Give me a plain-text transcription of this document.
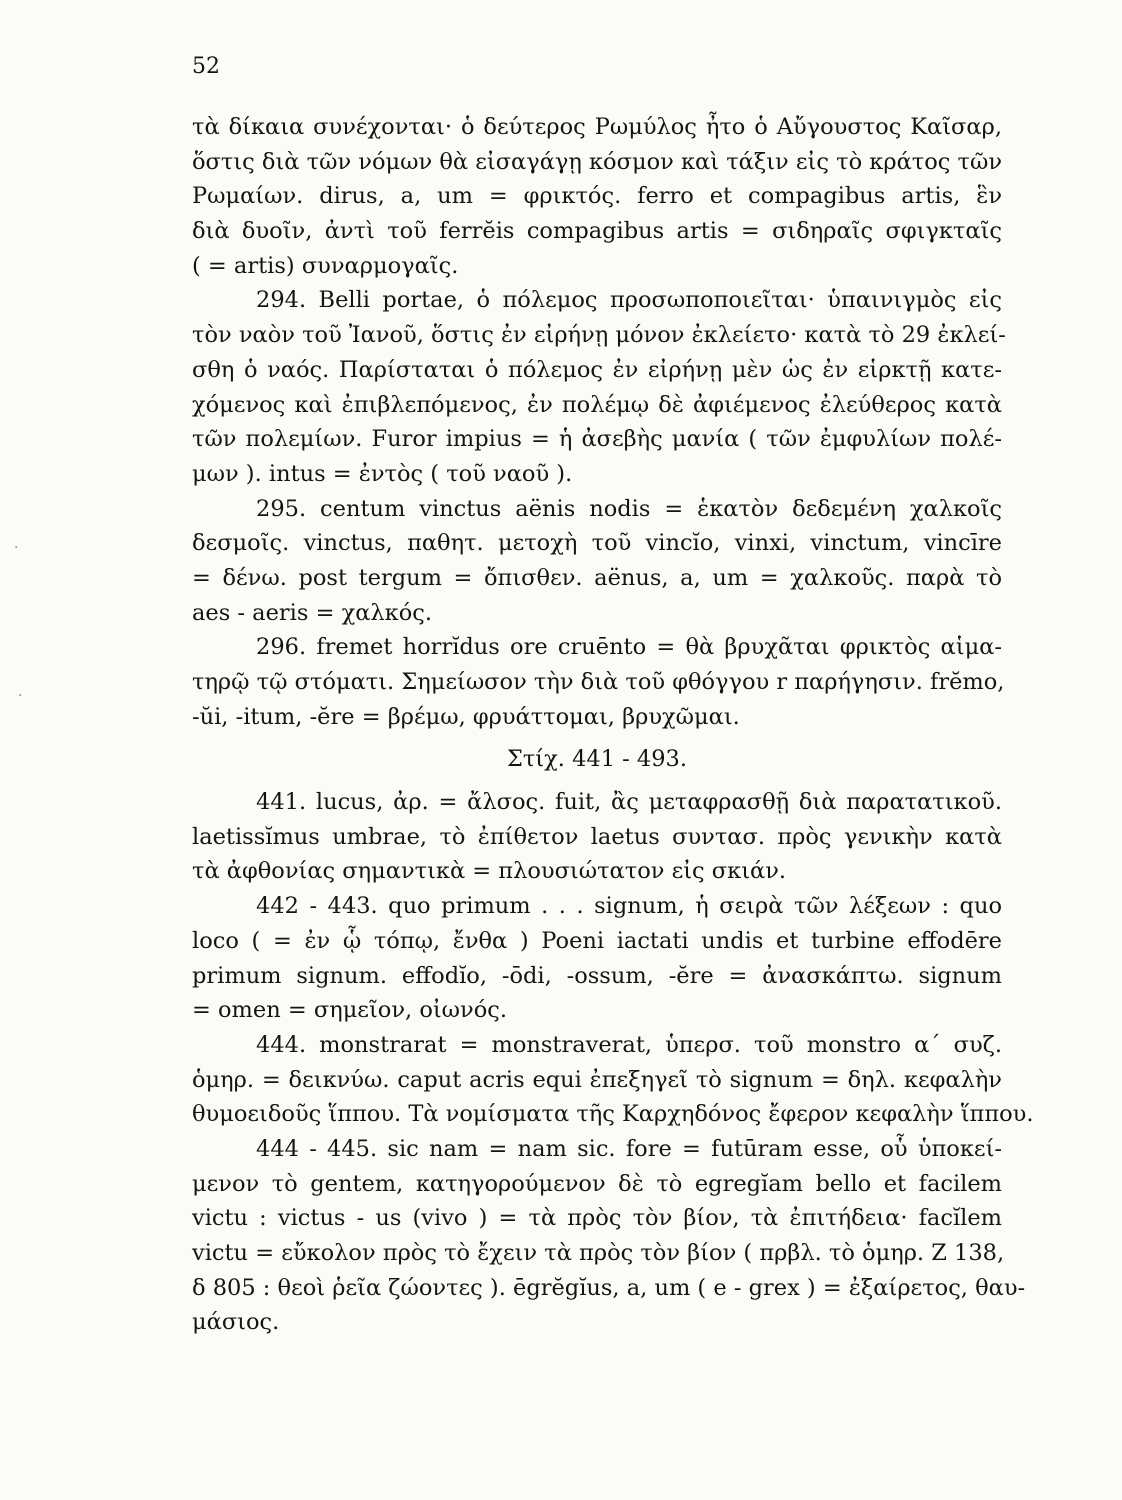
52

τὰ δίκαια συνέχονται· ὁ δεύτερος Ρωμύλος ἦτο ὁ Αὔγουστος Καῖσαρ,
ὅστις διὰ τῶν νόμων θὰ εἰσαγάγῃ κόσμον καὶ τάξιν εἰς τὸ κράτος τῶν
Ρωμαίων. dirus, a, um = φρικτός. ferro et compagibus artis, ἓν
διὰ δυοῖν, ἀντὶ τοῦ ferrĕis compagibus artis = σιδηραῖς σφιγκταῖς
( = artis) συναρμογαῖς.
294. Belli portae, ὁ πόλεμος προσωποποιεῖται· ὑπαινιγμὸς εἰς
τὸν ναὸν τοῦ Ἰανοῦ, ὅστις ἐν εἰρήνῃ μόνον ἐκλείετο· κατὰ τὸ 29 ἐκλεί-
σθη ὁ ναός. Παρίσταται ὁ πόλεμος ἐν εἰρήνῃ μὲν ὡς ἐν εἱρκτῇ κατε-
χόμενος καὶ ἐπιβλεπόμενος, ἐν πολέμῳ δὲ ἀφιέμενος ἐλεύθερος κατὰ
τῶν πολεμίων. Furor impius = ἡ ἀσεβὴς μανία ( τῶν ἐμφυλίων πολέ-
μων ). intus = ἐντὸς ( τοῦ ναοῦ ).
295. centum vinctus aënis nodis = ἑκατὸν δεδεμένη χαλκοῖς
δεσμοῖς. vinctus, παθητ. μετοχὴ τοῦ vincĭo, vinxi, vinctum, vincīre
= δένω. post tergum = ὄπισθεν. aënus, a, um = χαλκοῦς. παρὰ τὸ
aes - aeris = χαλκός.
296. fremet horrĭdus ore cruēnto = θὰ βρυχᾶται φρικτὸς αἱμα-
τηρῷ τῷ στόματι. Σημείωσον τὴν διὰ τοῦ φθόγγου r παρήγησιν. frĕmo,
-ŭi, -itum, -ĕre = βρέμω, φρυάττομαι, βρυχῶμαι.
Στίχ. 441 - 493.
441. lucus, ἀρ. = ἄλσος. fuit, ἂς μεταφρασθῇ διὰ παρατατικοῦ.
laetissĭmus umbrae, τὸ ἐπίθετον laetus συντασ. πρὸς γενικὴν κατὰ
τὰ ἀφθονίας σημαντικὰ = πλουσιώτατον εἰς σκιάν.
442 - 443. quo primum . . . signum, ἡ σειρὰ τῶν λέξεων : quo
loco ( = ἐν ᾧ τόπῳ, ἔνθα ) Poeni iactati undis et turbine effodēre
primum signum. effodĭo, -ōdi, -ossum, -ĕre = ἀνασκάπτω. signum
= omen = σημεῖον, οἰωνός.
444. monstrarat = monstraverat, ὑπερσ. τοῦ monstro α΄ συζ.
ὁμηρ. = δεικνύω. caput acris equi ἐπεξηγεῖ τὸ signum = δηλ. κεφαλὴν
θυμοειδοῦς ἵππου. Τὰ νομίσματα τῆς Καρχηδόνος ἔφερον κεφαλὴν ἵππου.
444 - 445. sic nam = nam sic. fore = futūram esse, οὗ ὑποκεί-
μενον τὸ gentem, κατηγορούμενον δὲ τὸ egregĭam bello et facilem
victu : victus - us (vivo ) = τὰ πρὸς τὸν βίον, τὰ ἐπιτήδεια· facĭlem
victu = εὔκολον πρὸς τὸ ἔχειν τὰ πρὸς τὸν βίον ( πρβλ. τὸ ὁμηρ. Ζ 138,
δ 805 : θεοὶ ῥεῖα ζώοντες ). ēgrĕgĭus, a, um ( e - grex ) = ἐξαίρετος, θαυ-
μάσιος.
·
·
